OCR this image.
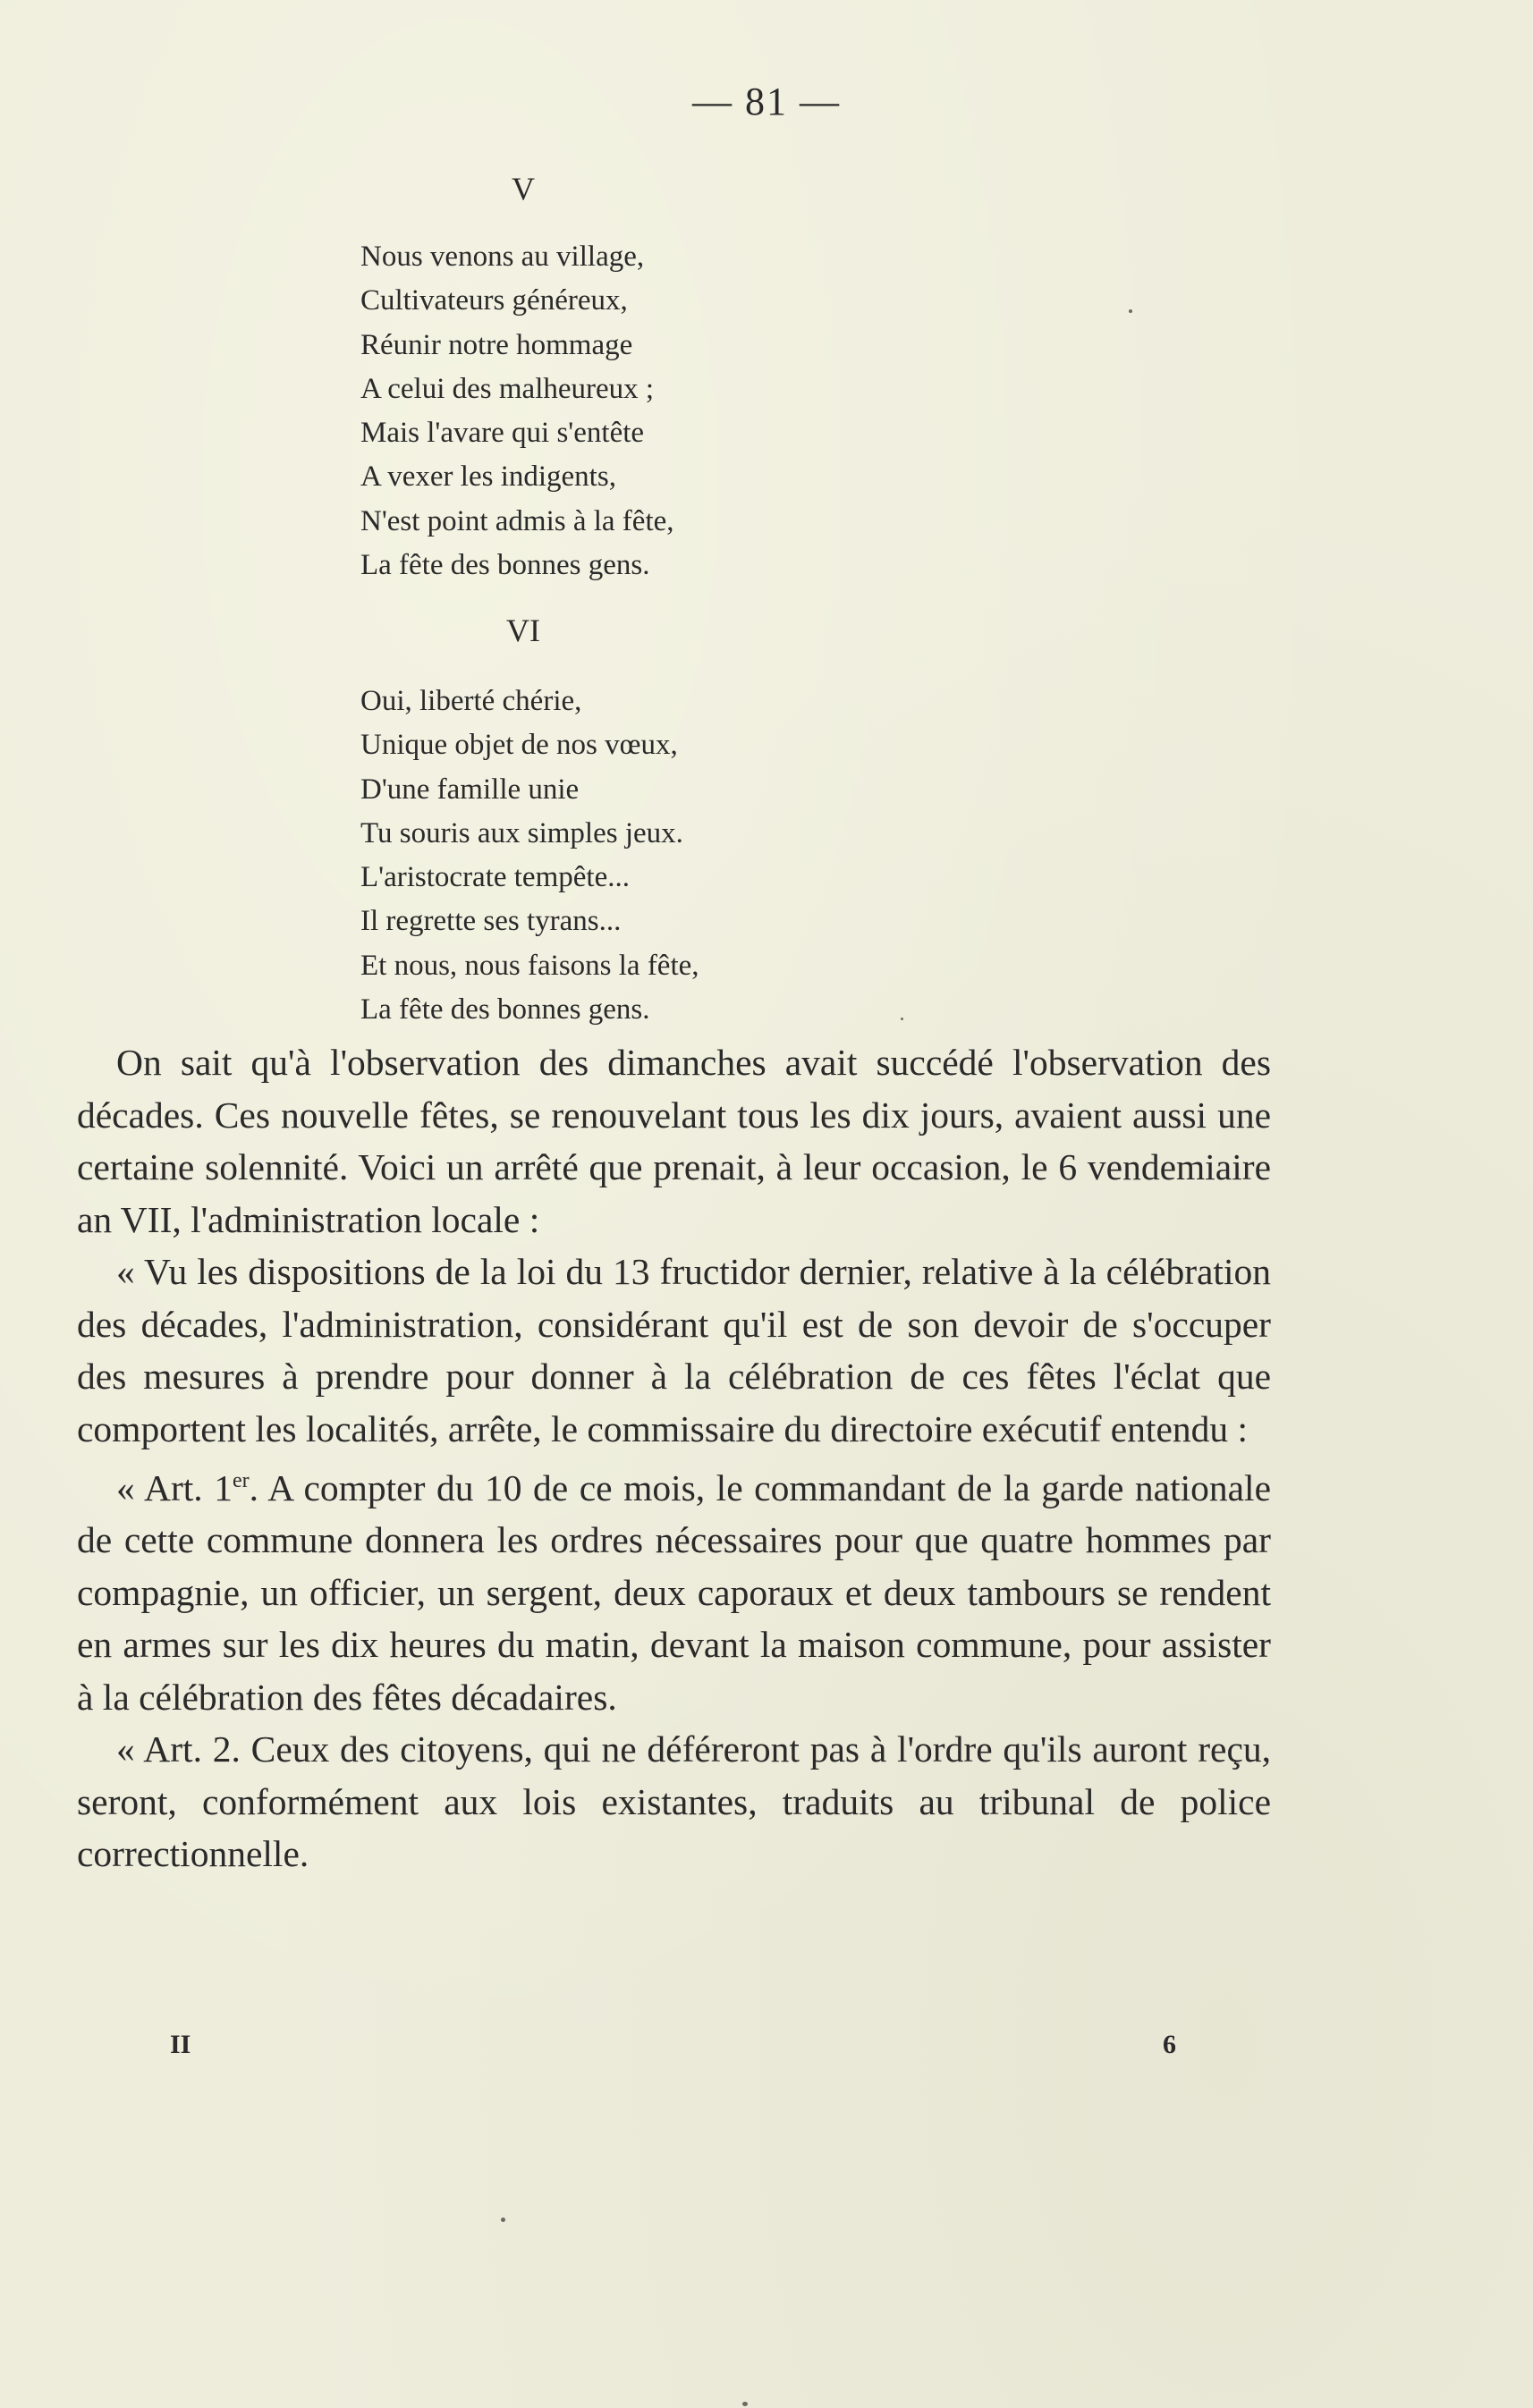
— 81 —
V
Nous venons au village,
Cultivateurs généreux,
Réunir notre hommage
A celui des malheureux ;
Mais l'avare qui s'entête
A vexer les indigents,
N'est point admis à la fête,
La fête des bonnes gens.
VI
Oui, liberté chérie,
Unique objet de nos vœux,
D'une famille unie
Tu souris aux simples jeux.
L'aristocrate tempête...
Il regrette ses tyrans...
Et nous, nous faisons la fête,
La fête des bonnes gens.

On sait qu'à l'observation des dimanches avait succédé l'observation des décades. Ces nouvelle fêtes, se renouvelant tous les dix jours, avaient aussi une certaine solennité. Voici un arrêté que prenait, à leur occasion, le 6 vendemiaire an VII, l'administration locale :

« Vu les dispositions de la loi du 13 fructidor dernier, relative à la célébration des décades, l'administration, considérant qu'il est de son devoir de s'occuper des mesures à prendre pour donner à la célébration de ces fêtes l'éclat que comportent les localités, arrête, le commissaire du directoire exécutif entendu :

« Art. 1er. A compter du 10 de ce mois, le commandant de la garde nationale de cette commune donnera les ordres nécessaires pour que quatre hommes par compagnie, un officier, un sergent, deux caporaux et deux tambours se rendent en armes sur les dix heures du matin, devant la maison commune, pour assister à la célébration des fêtes décadaires.

« Art. 2. Ceux des citoyens, qui ne déféreront pas à l'ordre qu'ils auront reçu, seront, conformément aux lois existantes, traduits au tribunal de police correctionnelle.

II	6
